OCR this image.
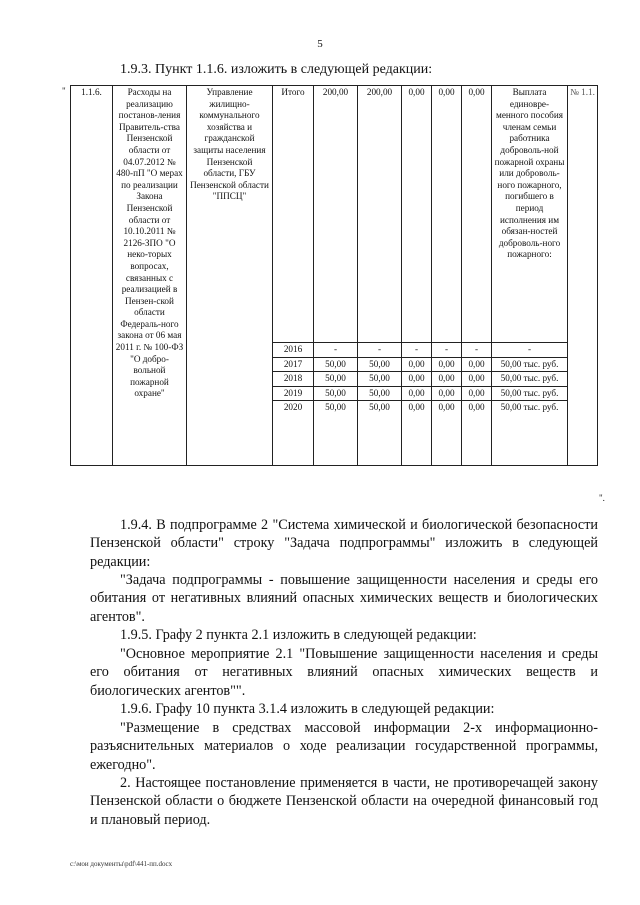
5
1.9.3. Пункт 1.1.6. изложить в следующей редакции:
" 1.1.6.	Расходы на реализацию постанов-ления Правитель-ства Пензенской области от 04.07.2012 № 480-пП "О мерах по реализации Закона Пензенской области от 10.10.2011 № 2126-ЗПО "О неко-торых вопросах, связанных с реализацией в Пензен-ской области Федераль-ного закона от 06 мая 2011 г. № 100-ФЗ "О добро-вольной пожарной охране"	Управление жилищно-коммунального хозяйства и гражданской защиты населения Пензенской области, ГБУ Пензенской области "ППСЦ"	Итого	200,00	200,00	0,00	0,00	0,00	Выплата единовре-менного пособия членам семьи работника доброволь-ной пожарной охраны или доброволь-ного пожарного, погибшего в период исполнения им обязан-ностей доброволь-ного пожарного:	№ 1.1.
			2016	-	-	-	-	-	-	
			2017	50,00	50,00	0,00	0,00	0,00	50,00 тыс. руб.	
			2018	50,00	50,00	0,00	0,00	0,00	50,00 тыс. руб.	
			2019	50,00	50,00	0,00	0,00	0,00	50,00 тыс. руб.	
			2020	50,00	50,00	0,00	0,00	0,00	50,00 тыс. руб.	
".
1.9.4. В подпрограмме 2 "Система химической и биологической безопасности Пензенской области" строку "Задача подпрограммы" изложить в следующей редакции:
"Задача подпрограммы - повышение защищенности населения и среды его обитания от негативных влияний опасных химических веществ и биологических агентов".
1.9.5. Графу 2 пункта 2.1 изложить в следующей редакции:
"Основное мероприятие 2.1 "Повышение защищенности населения и среды его обитания от негативных влияний опасных химических веществ и биологических агентов"".
1.9.6. Графу 10 пункта 3.1.4 изложить в следующей редакции:
"Размещение в средствах массовой информации 2-х информационно-разъяснительных материалов о ходе реализации государственной программы, ежегодно".
2. Настоящее постановление применяется в части, не противоречащей закону Пензенской области о бюджете Пензенской области на очередной финансовый год и плановый период.
c:\мои документы\pdf\441-пп.docx
